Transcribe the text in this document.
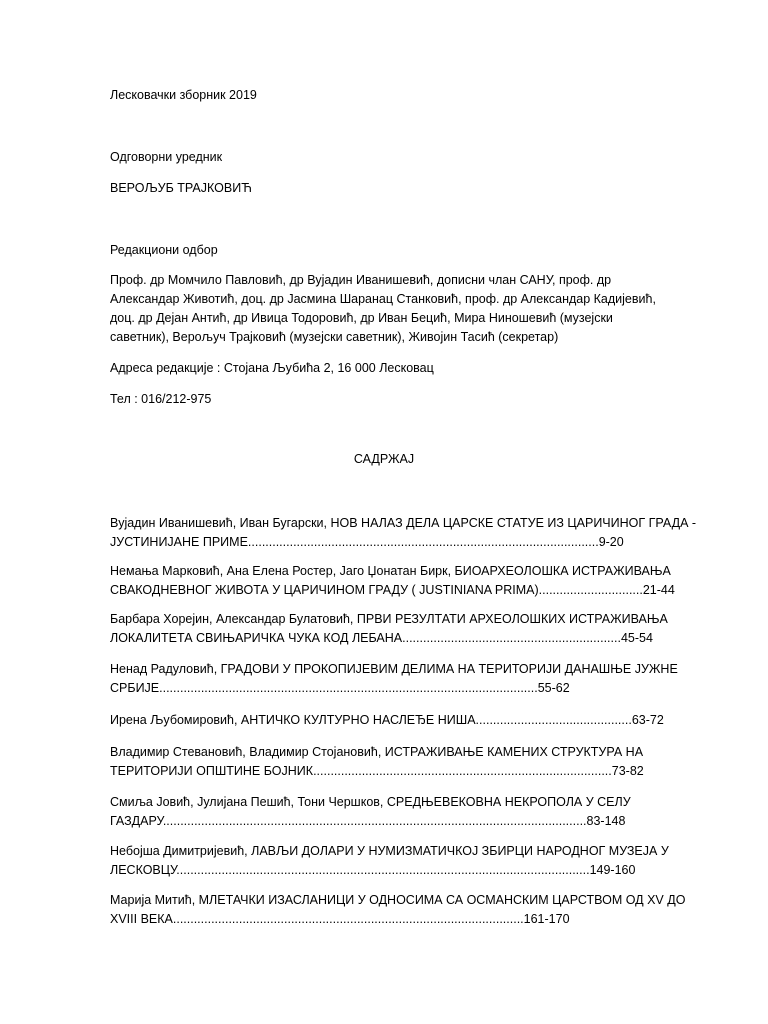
Лесковачки зборник 2019

Одговорни уредник

ВЕРОЉУБ ТРАЈКОВИЋ

Редакциони одбор

Проф. др Момчило Павловић, др Вујадин Иванишевић, дописни члан САНУ, проф. др
Александар Животић, доц. др Јасмина Шаранац Станковић, проф. др Александар Кадијевић,
доц. др Дејан Антић, др Ивица Тодоровић, др Иван Бецић, Мира Нинoшевић (музејски
саветник), Вероључ Трајковић (музејски саветник), Живојин Тасић (секретар)

Адреса редакције : Стојана Љубића 2, 16 000 Лесковац

Тел : 016/212-975

САДРЖАЈ

Вујадин Иванишевић, Иван Бугарски, НОВ НАЛАЗ ДЕЛА ЦАРСКЕ СТАТУЕ ИЗ ЦАРИЧИНОГ ГРАДА -
ЈУСТИНИЈАНЕ ПРИМЕ.....................................................................................................9-20
Немања Марковић, Ана Елена Ростер, Јаго Џонатан Бирк, БИОАРХЕОЛОШКА ИСТРАЖИВАЊА
СВАКОДНЕВНОГ ЖИВОТА У ЦАРИЧИНОМ ГРАДУ ( JUSTINIANA PRIMA)..............................21-44
Барбара Хорејин, Александар Булатовић, ПРВИ РЕЗУЛТАТИ АРХЕОЛОШКИХ ИСТРАЖИВАЊА
ЛОКАЛИТЕТА СВИЊАРИЧКА ЧУКА КОД ЛЕБАНА...............................................................45-54
Ненад Радуловић, ГРАДОВИ У ПРОКОПИЈЕВИМ ДЕЛИМА НА ТЕРИТОРИЈИ ДАНАШЊЕ ЈУЖНЕ
СРБИЈЕ.............................................................................................................55-62
Ирена Љубомировић, АНТИЧКО КУЛТУРНО НАСЛЕЂЕ НИША.............................................63-72
Владимир Стевановић, Владимир Стојановић, ИСТРАЖИВАЊЕ КАМЕНИХ СТРУКТУРА НА
ТЕРИТОРИЈИ ОПШТИНЕ БОЈНИК......................................................................................73-82
Смиља Јовић, Јулијана Пешић, Тони Чершков, СРЕДЊЕВЕКОВНА НЕКРОПОЛА У СЕЛУ
ГАЗДАРУ..........................................................................................................................83-148
Небојша Димитријевић, ЛАВЉИ ДОЛАРИ У НУМИЗМАТИЧКОЈ ЗБИРЦИ НАРОДНОГ МУЗЕЈА У
ЛЕСКОВЦУ.......................................................................................................................149-160
Марија Митић, МЛЕТАЧКИ ИЗАСЛАНИЦИ У ОДНОСИМА СА ОСМАНСКИМ ЦАРСТВОМ ОД XV ДО
XVIII ВЕКА.....................................................................................................161-170
